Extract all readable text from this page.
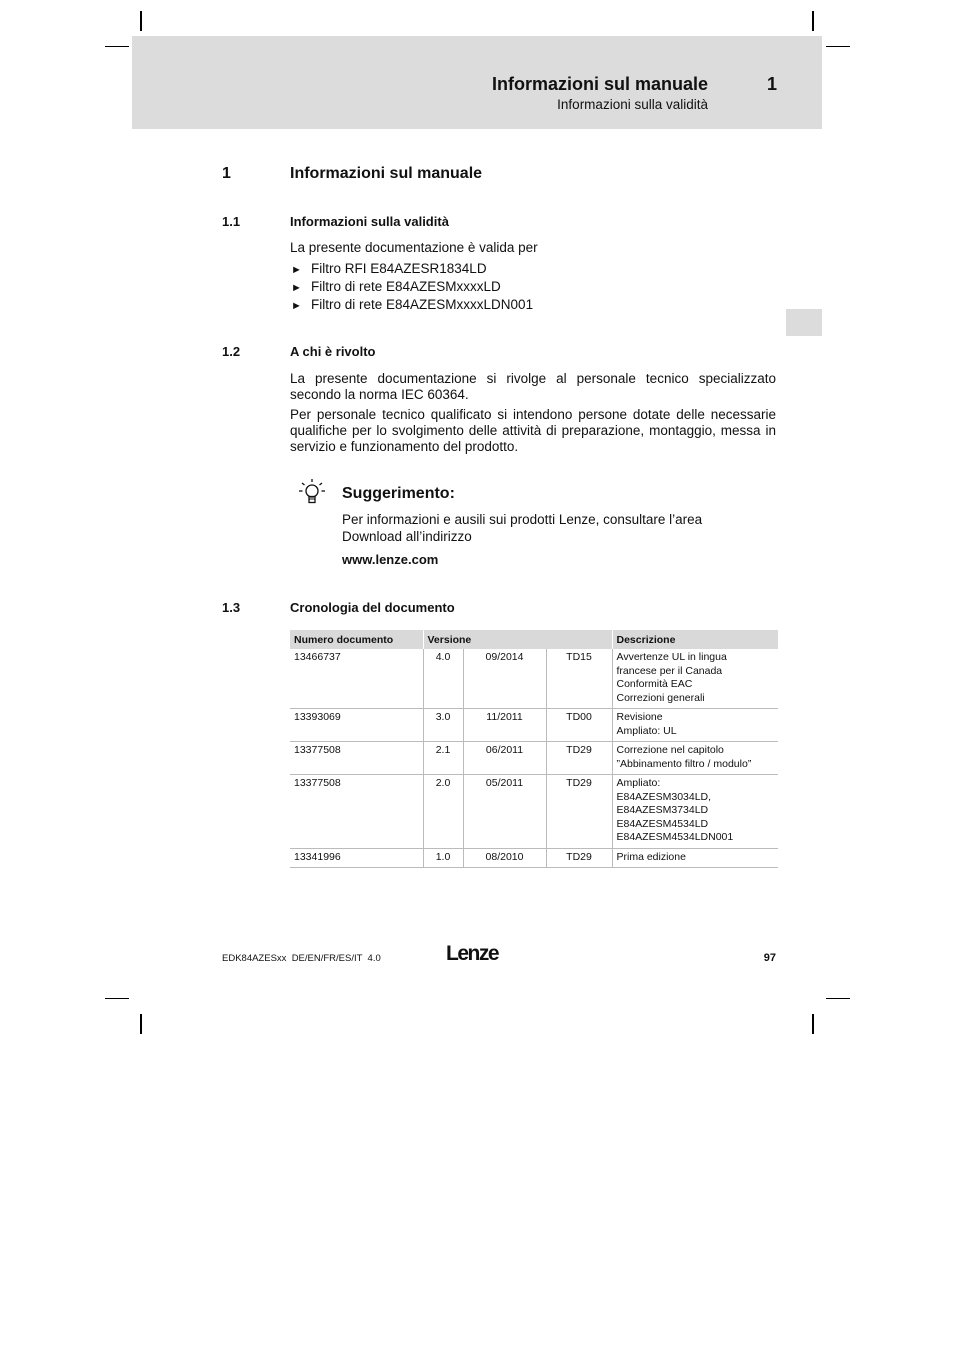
Informazioni sul manuale	1
Informazioni sulla validità
1	Informazioni sul manuale
1.1	Informazioni sulla validità
La presente documentazione è valida per
► Filtro RFI E84AZESR1834LD
► Filtro di rete E84AZESMxxxxLD
► Filtro di rete E84AZESMxxxxLDN001
1.2	A chi è rivolto
La presente documentazione si rivolge al personale tecnico specializzato secondo la norma IEC 60364.
Per personale tecnico qualificato si intendono persone dotate delle necessarie qualifiche per lo svolgimento delle attività di preparazione, montaggio, messa in servizio e funzionamento del prodotto.
Suggerimento:
Per informazioni e ausili sui prodotti Lenze, consultare l’area Download all’indirizzo
www.lenze.com
1.3	Cronologia del documento
Numero documento	Versione			Descrizione
13466737	4.0	09/2014	TD15	Avvertenze UL in lingua
francese per il Canada
Conformità EAC
Correzioni generali

13393069	3.0	11/2011	TD00	Revisione
Ampliato: UL

13377508	2.1	06/2011	TD29	Correzione nel capitolo
”Abbinamento filtro / modulo”

13377508	2.0	05/2011	TD29	Ampliato:
E84AZESM3034LD,
E84AZESM3734LD
E84AZESM4534LD
E84AZESM4534LDN001

13341996	1.0	08/2010	TD29	Prima edizione
EDK84AZESxx  DE/EN/FR/ES/IT  4.0	Lenze	97
